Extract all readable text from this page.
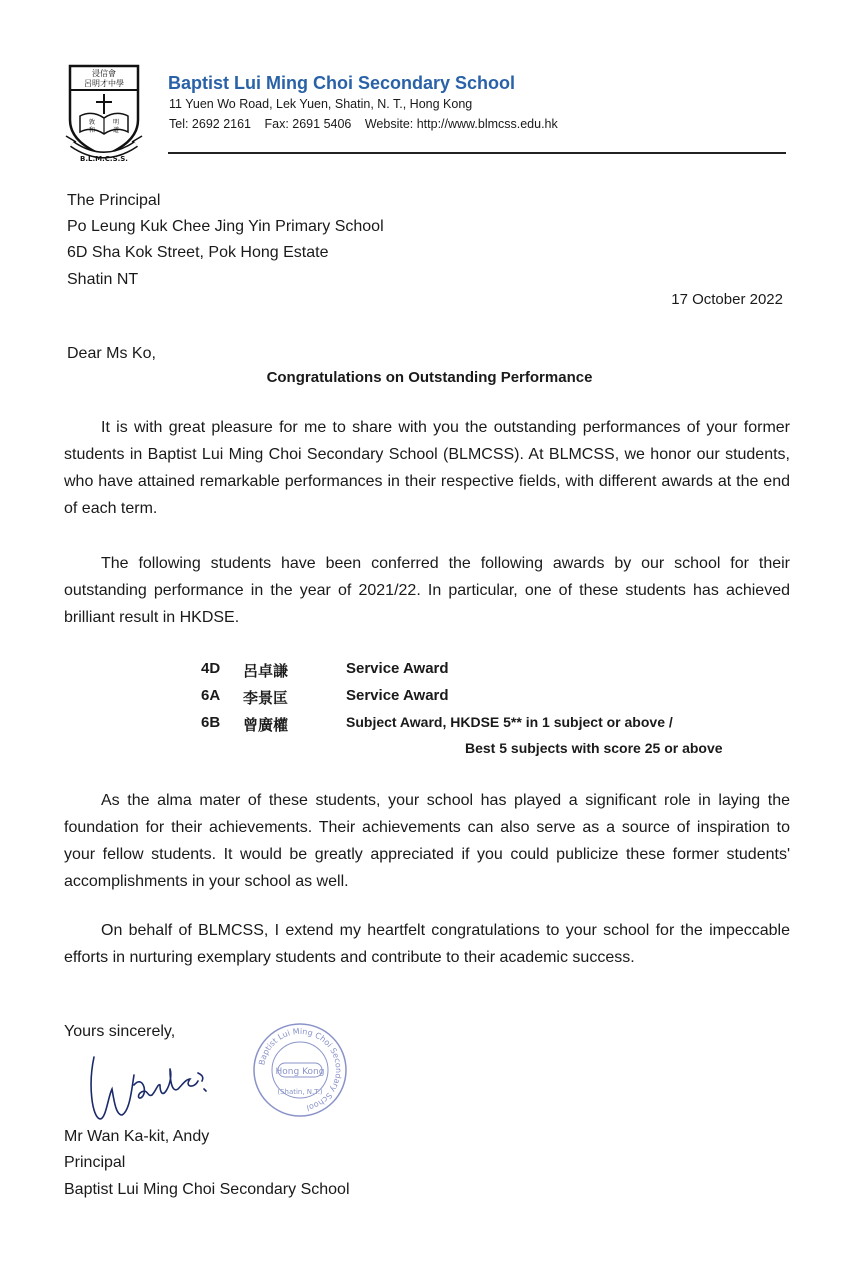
浸信會
呂明才中學
敦	明
和	道
B.L.M.C.S.S.
Baptist Lui Ming Choi Secondary School
11 Yuen Wo Road, Lek Yuen, Shatin, N. T., Hong Kong
Tel: 2692 2161 Fax: 2691 5406 Website: http://www.blmcss.edu.hk
The Principal
Po Leung Kuk Chee Jing Yin Primary School
6D Sha Kok Street, Pok Hong Estate
Shatin NT
17 October 2022
Dear Ms Ko,
Congratulations on Outstanding Performance
It is with great pleasure for me to share with you the outstanding performances of your former students in Baptist Lui Ming Choi Secondary School (BLMCSS). At BLMCSS, we honor our students, who have attained remarkable performances in their respective fields, with different awards at the end of each term.
The following students have been conferred the following awards by our school for their outstanding performance in the year of 2021/22. In particular, one of these students has achieved brilliant result in HKDSE.
4D 呂卓謙	Service Award
6A 李景匡	Service Award
6B 曾廣權	Subject Award, HKDSE 5** in 1 subject or above /
Best 5 subjects with score 25 or above
As the alma mater of these students, your school has played a significant role in laying the foundation for their achievements. Their achievements can also serve as a source of inspiration to your fellow students. It would be greatly appreciated if you could publicize these former students' accomplishments in your school as well.
On behalf of BLMCSS, I extend my heartfelt congratulations to your school for the impeccable efforts in nurturing exemplary students and contribute to their academic success.
Yours sincerely,
Baptist Lui Ming Choi Secondary School
Hong Kong
(Shatin, N.T.)
Mr Wan Ka-kit, Andy
Principal
Baptist Lui Ming Choi Secondary School
